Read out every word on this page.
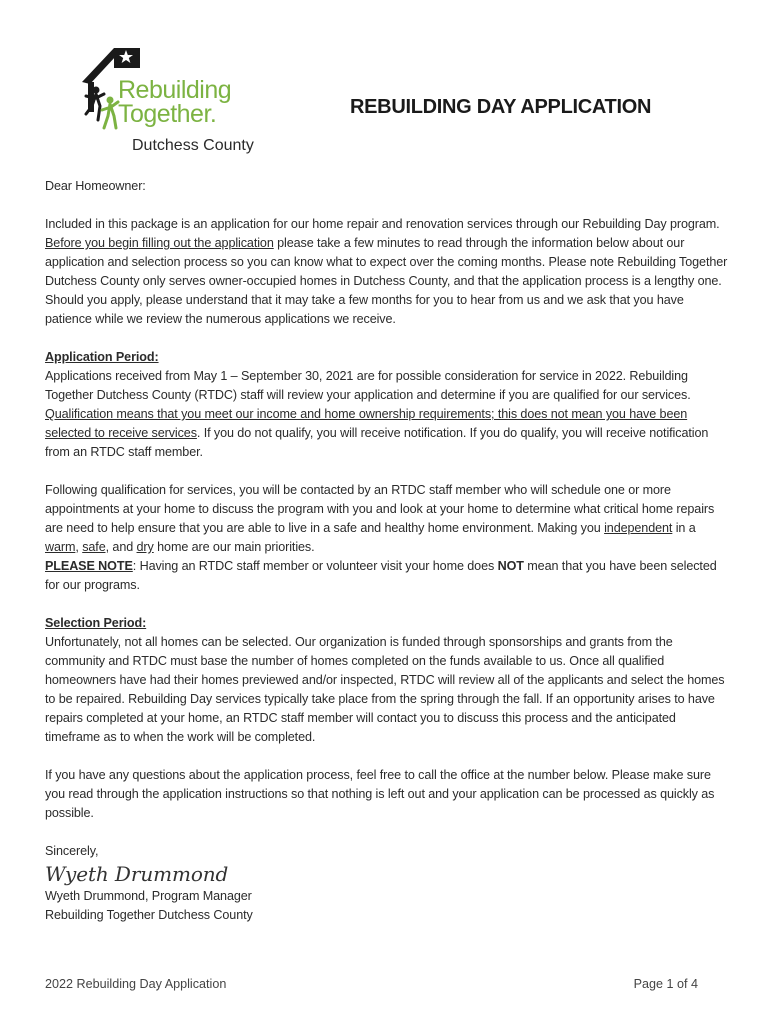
Rebuilding
Together.
Dutchess County
REBUILDING DAY APPLICATION

Dear Homeowner:

Included in this package is an application for our home repair and renovation services through our Rebuilding Day program. Before you begin filling out the application please take a few minutes to read through the information below about our application and selection process so you can know what to expect over the coming months. Please note Rebuilding Together Dutchess County only serves owner-occupied homes in Dutchess County, and that the application process is a lengthy one. Should you apply, please understand that it may take a few months for you to hear from us and we ask that you have patience while we review the numerous applications we receive.

Application Period:

Applications received from May 1 – September 30, 2021 are for possible consideration for service in 2022. Rebuilding Together Dutchess County (RTDC) staff will review your application and determine if you are qualified for our services. Qualification means that you meet our income and home ownership requirements; this does not mean you have been selected to receive services. If you do not qualify, you will receive notification. If you do qualify, you will receive notification from an RTDC staff member.

Following qualification for services, you will be contacted by an RTDC staff member who will schedule one or more appointments at your home to discuss the program with you and look at your home to determine what critical home repairs are need to help ensure that you are able to live in a safe and healthy home environment. Making you independent in a warm, safe, and dry home are our main priorities.
PLEASE NOTE: Having an RTDC staff member or volunteer visit your home does NOT mean that you have been selected for our programs.

Selection Period:

Unfortunately, not all homes can be selected. Our organization is funded through sponsorships and grants from the community and RTDC must base the number of homes completed on the funds available to us. Once all qualified homeowners have had their homes previewed and/or inspected, RTDC will review all of the applicants and select the homes to be repaired. Rebuilding Day services typically take place from the spring through the fall. If an opportunity arises to have repairs completed at your home, an RTDC staff member will contact you to discuss this process and the anticipated timeframe as to when the work will be completed.

If you have any questions about the application process, feel free to call the office at the number below. Please make sure you read through the application instructions so that nothing is left out and your application can be processed as quickly as possible.

Sincerely,

Wyeth Drummond

Wyeth Drummond, Program Manager

Rebuilding Together Dutchess County

2022 Rebuilding Day Application	Page 1 of 4
